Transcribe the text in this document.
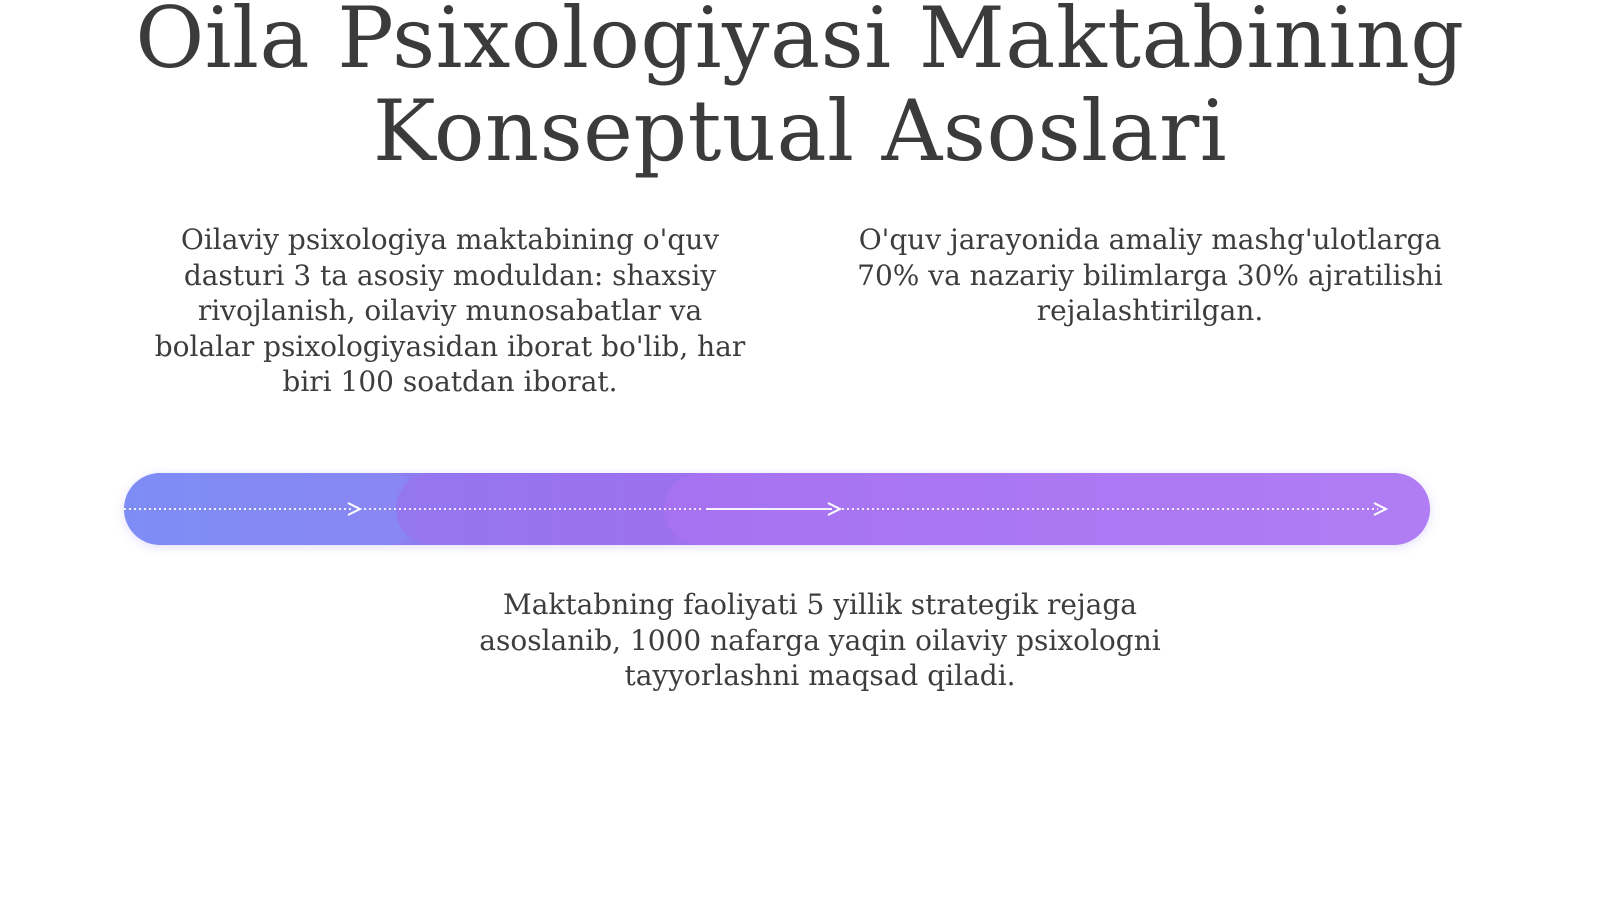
Oila Psixologiyasi Maktabining Konseptual Asoslari
Oilaviy psixologiya maktabining o'quv dasturi 3 ta asosiy moduldan: shaxsiy rivojlanish, oilaviy munosabatlar va bolalar psixologiyasidan iborat bo'lib, har biri 100 soatdan iborat.
O'quv jarayonida amaliy mashg'ulotlarga 70% va nazariy bilimlarga 30% ajratilishi rejalashtirilgan.
Maktabning faoliyati 5 yillik strategik rejaga asoslanib, 1000 nafarga yaqin oilaviy psixologni tayyorlashni maqsad qiladi.
